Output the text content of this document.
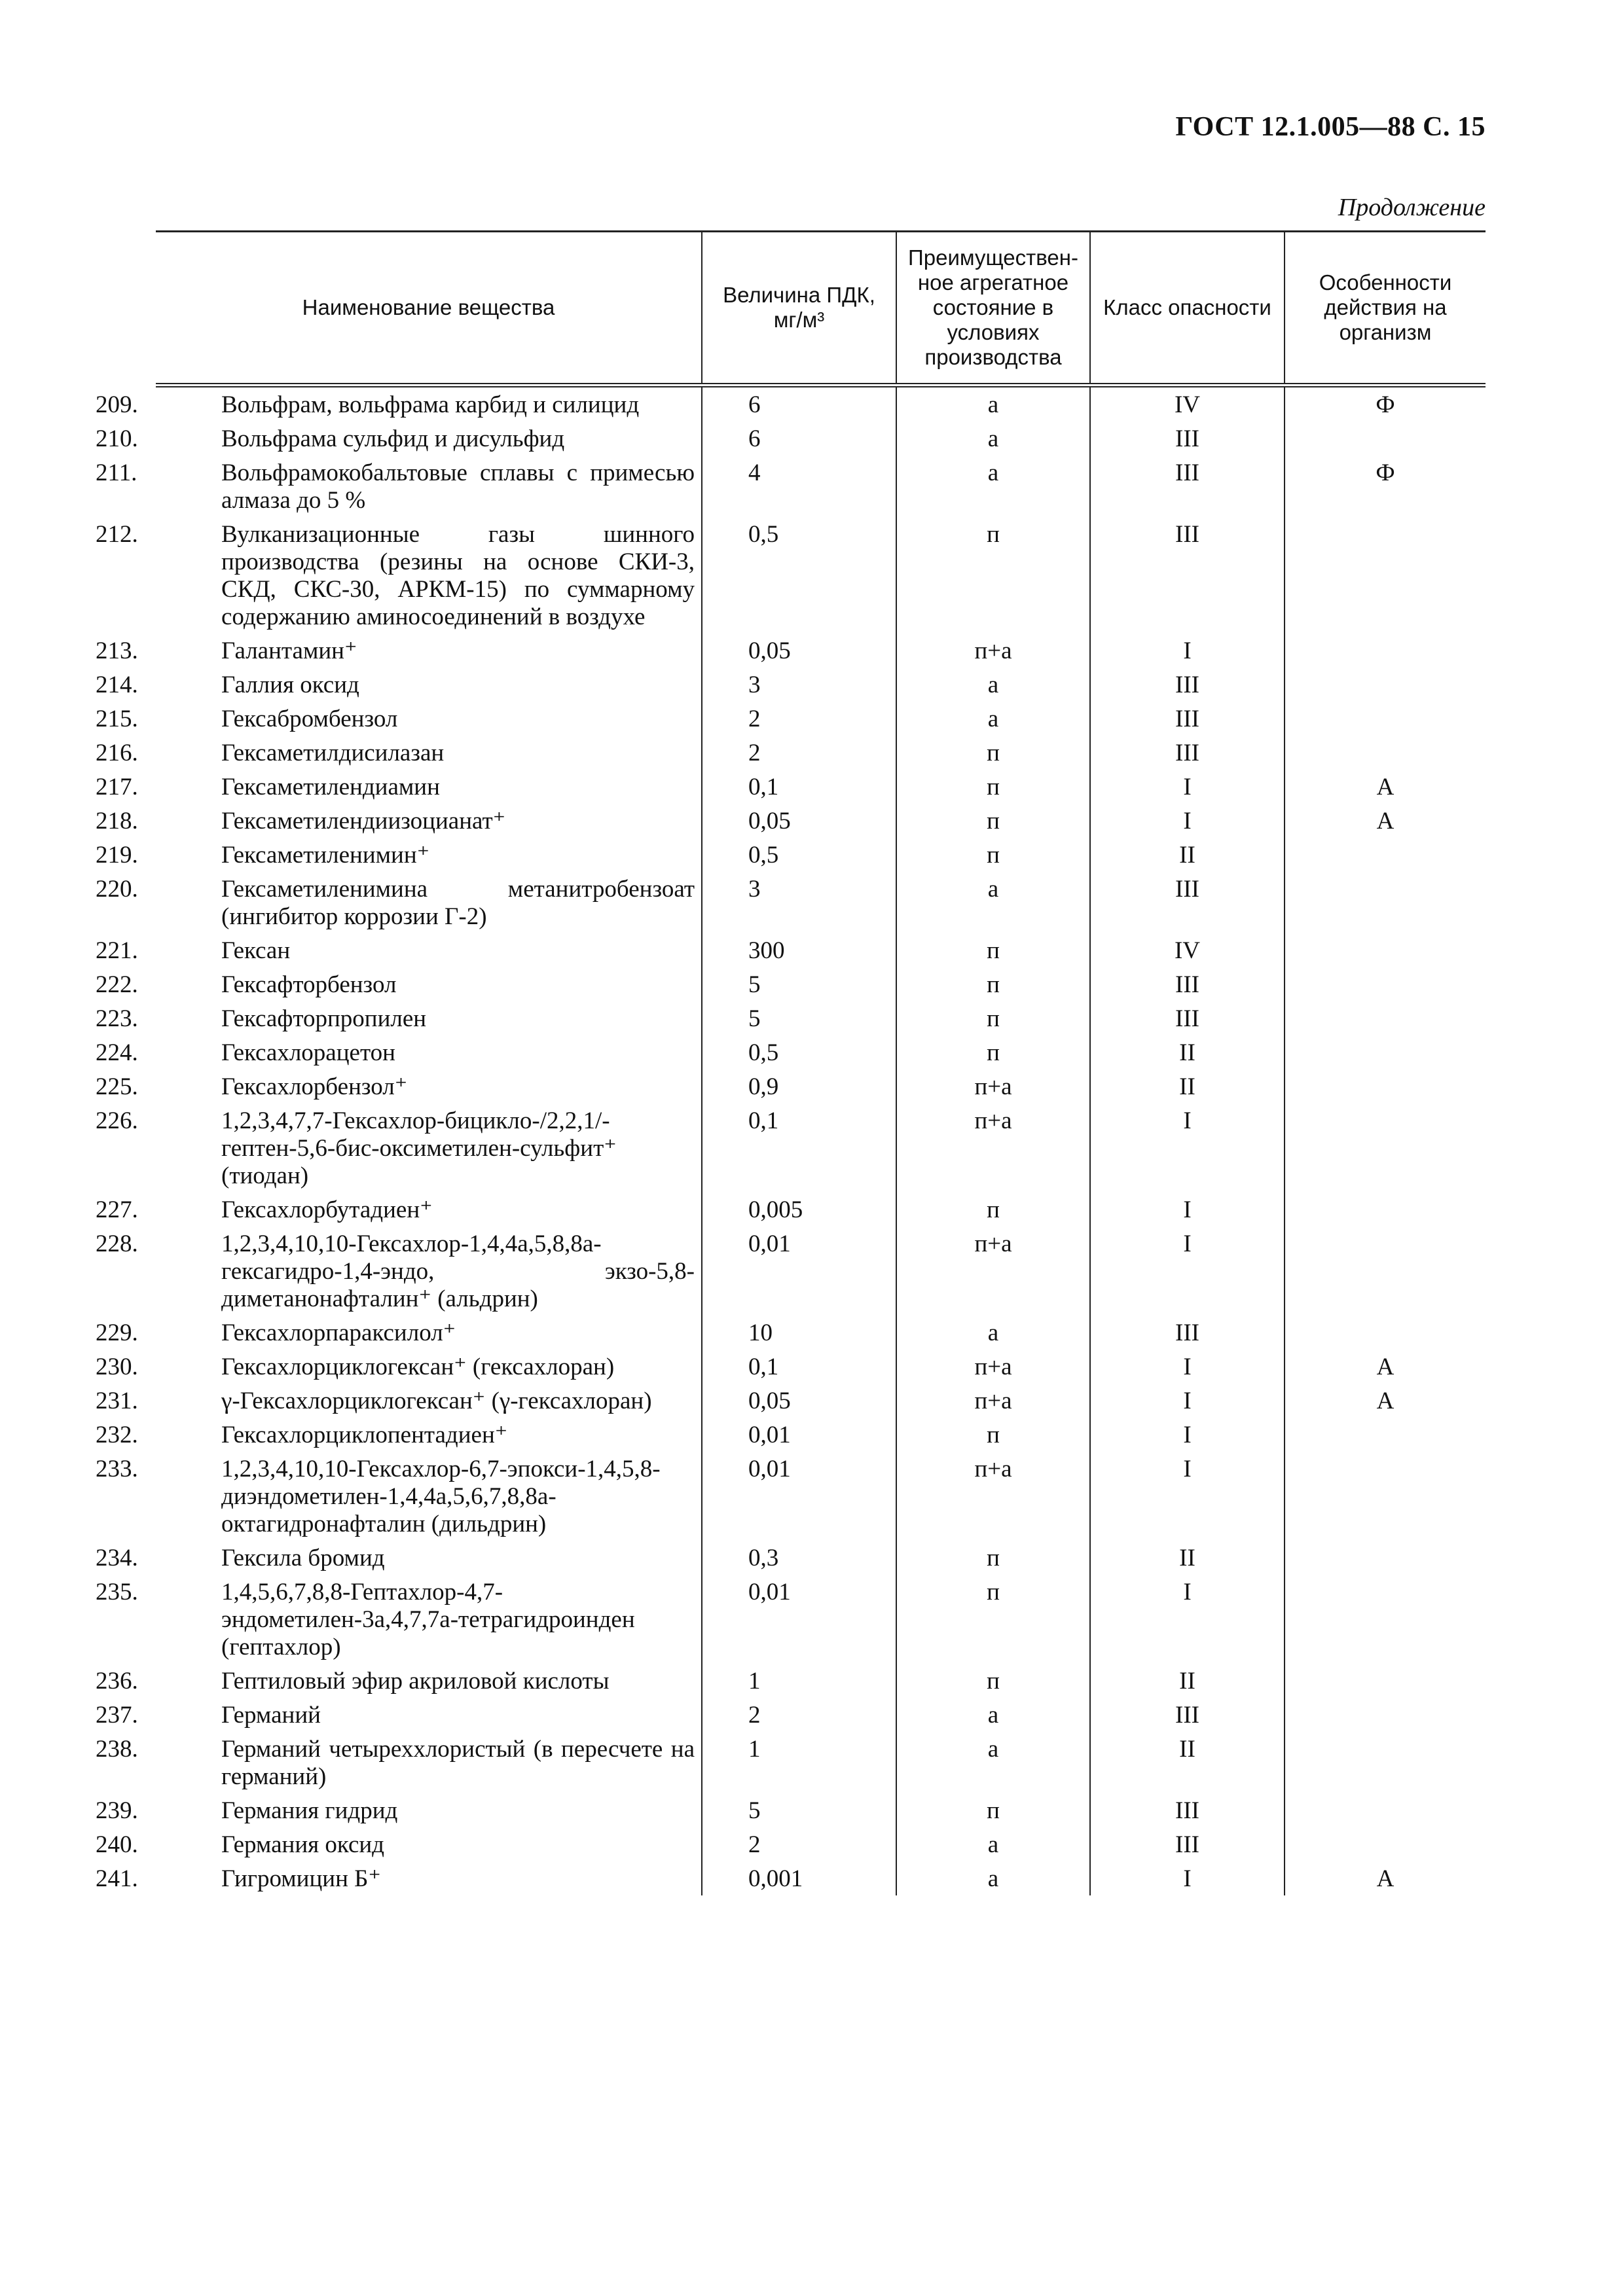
ГОСТ 12.1.005—88 С. 15
Продолжение
Наименование вещества	Величина ПДК, мг/м³	Преимуществен-ное агрегатное состояние в условиях производства	Класс опасности	Особенности действия на организм

209. Вольфрам, вольфрама карбид и силицид	6	а	IV	Ф

210. Вольфрама сульфид и дисульфид	6	а	III	

211. Вольфрамокобальтовые сплавы с примесью алмаза до 5 %	4	а	III	Ф

212. Вулканизационные газы шинного производства (резины на основе СКИ-3, СКД, СКС-30, АРКМ-15) по суммарному содержанию аминосоединений в воздухе	0,5	п	III	

213. Галантамин⁺	0,05	п+а	I	

214. Галлия оксид	3	а	III	

215. Гексабромбензол	2	а	III	

216. Гексаметилдисилазан	2	п	III	

217. Гексаметилендиамин	0,1	п	I	А

218. Гексаметилендиизоцианат⁺	0,05	п	I	А

219. Гексаметиленимин⁺	0,5	п	II	

220. Гексаметиленимина метанитробензоат (ингибитор коррозии Г-2)	3	а	III	

221. Гексан	300	п	IV	

222. Гексафторбензол	5	п	III	

223. Гексафторпропилен	5	п	III	

224. Гексахлорацетон	0,5	п	II	

225. Гексахлорбензол⁺	0,9	п+а	II	

226. 1,2,3,4,7,7-Гексахлор-бицикло-/2,2,1/-гептен-5,6-бис-оксиметилен-сульфит⁺ (тиодан)	0,1	п+а	I	

227. Гексахлорбутадиен⁺	0,005	п	I	

228. 1,2,3,4,10,10-Гексахлор-1,4,4а,5,8,8а-гексагидро-1,4-эндо, экзо-5,8-диметанонафталин⁺ (альдрин)	0,01	п+а	I	

229. Гексахлорпараксилол⁺	10	а	III	

230. Гексахлорциклогексан⁺ (гексахлоран)	0,1	п+а	I	А

231. γ-Гексахлорциклогексан⁺ (γ-гексахлоран)	0,05	п+а	I	А

232. Гексахлорциклопентадиен⁺	0,01	п	I	

233. 1,2,3,4,10,10-Гексахлор-6,7-эпокси-1,4,5,8-диэндометилен-1,4,4а,5,6,7,8,8а-октагидронафталин (дильдрин)	0,01	п+а	I	

234. Гексила бромид	0,3	п	II	

235. 1,4,5,6,7,8,8-Гептахлор-4,7-эндометилен-3а,4,7,7а-тетрагидроинден (гептахлор)	0,01	п	I	

236. Гептиловый эфир акриловой кислоты	1	п	II	

237. Германий	2	а	III	

238. Германий четыреххлористый (в пересчете на германий)	1	а	II	

239. Германия гидрид	5	п	III	

240. Германия оксид	2	а	III	

241. Гигромицин Б⁺	0,001	а	I	А
